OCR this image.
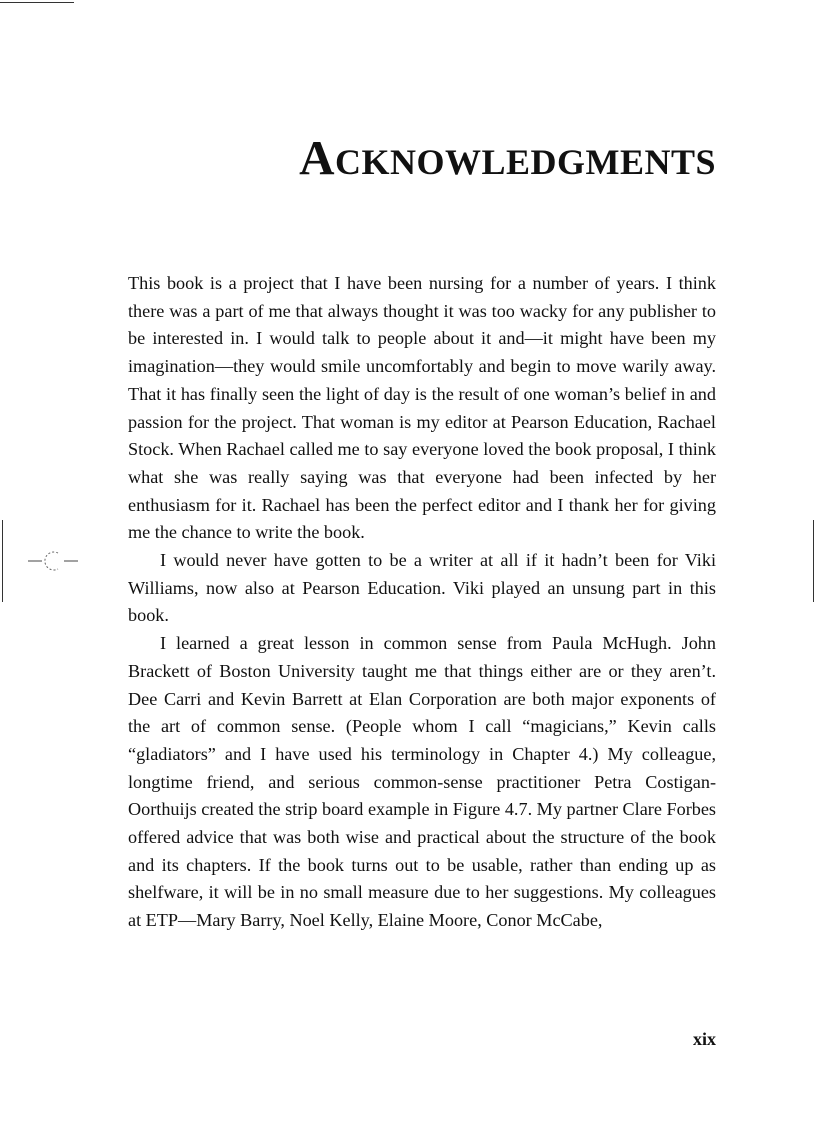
ACKNOWLEDGMENTS

This book is a project that I have been nursing for a number of years. I think there was a part of me that always thought it was too wacky for any publisher to be interested in. I would talk to people about it and—it might have been my imagination—they would smile uncomfortably and begin to move warily away. That it has finally seen the light of day is the result of one woman’s belief in and passion for the project. That woman is my editor at Pearson Education, Rachael Stock. When Rachael called me to say everyone loved the book proposal, I think what she was really saying was that everyone had been infected by her enthusiasm for it. Rachael has been the perfect editor and I thank her for giving me the chance to write the book.

I would never have gotten to be a writer at all if it hadn’t been for Viki Williams, now also at Pearson Education. Viki played an unsung part in this book.

I learned a great lesson in common sense from Paula McHugh. John Brackett of Boston University taught me that things either are or they aren’t. Dee Carri and Kevin Barrett at Elan Corporation are both major exponents of the art of common sense. (People whom I call “magicians,” Kevin calls “gladiators” and I have used his terminology in Chapter 4.) My colleague, longtime friend, and serious common-sense practitioner Petra Costigan-Oorthuijs created the strip board example in Figure 4.7. My partner Clare Forbes offered advice that was both wise and practical about the structure of the book and its chapters. If the book turns out to be usable, rather than ending up as shelfware, it will be in no small measure due to her suggestions. My colleagues at ETP—Mary Barry, Noel Kelly, Elaine Moore, Conor McCabe,

xix
